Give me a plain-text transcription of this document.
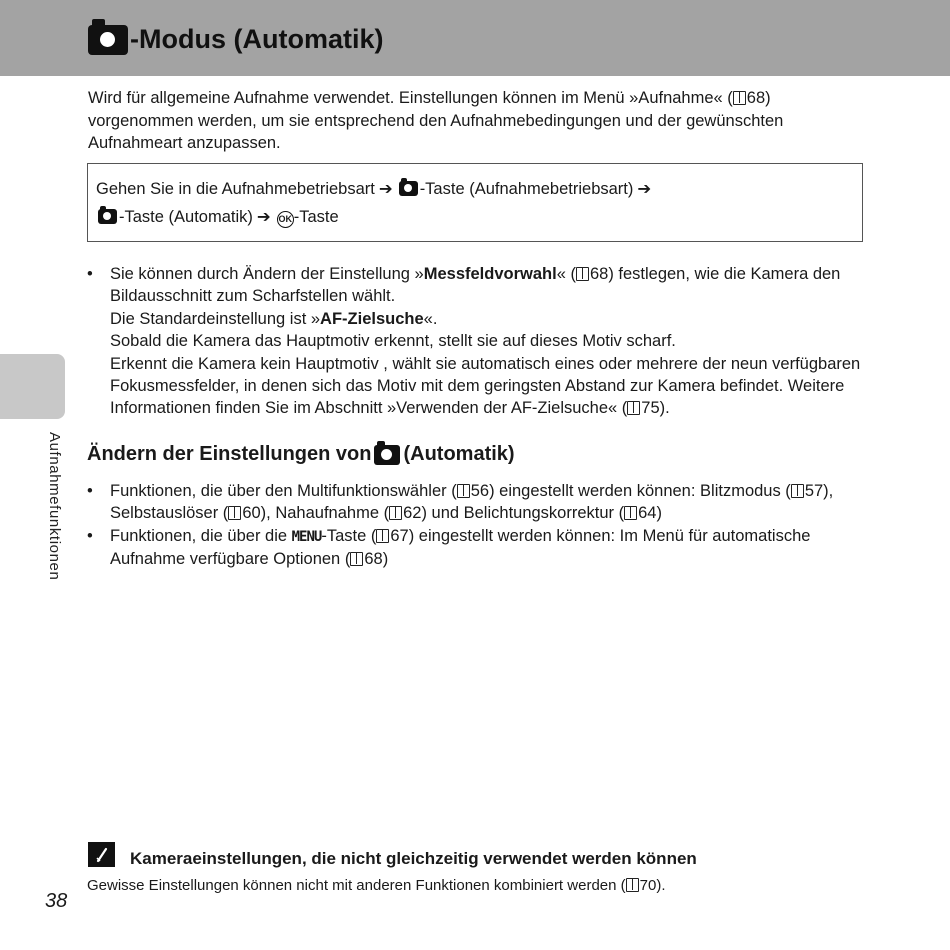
-Modus (Automatik)

Wird für allgemeine Aufnahme verwendet. Einstellungen können im Menü »Aufnahme« ( 68) vorgenommen werden, um sie entsprechend den Aufnahmebedingungen und der gewünschten Aufnahmeart anzupassen.

Gehen Sie in die Aufnahmebetriebsart ➔ -Taste (Aufnahmebetriebsart) ➔
-Taste (Automatik) ➔ OK -Taste
• Sie können durch Ändern der Einstellung »Messfeldvorwahl« ( 68) festlegen, wie die Kamera den Bildausschnitt zum Scharfstellen wählt.
Die Standardeinstellung ist »AF-Zielsuche«.
Sobald die Kamera das Hauptmotiv erkennt, stellt sie auf dieses Motiv scharf.
Erkennt die Kamera kein Hauptmotiv , wählt sie automatisch eines oder mehrere der neun verfügbaren Fokusmessfelder, in denen sich das Motiv mit dem geringsten Abstand zur Kamera befindet. Weitere Informationen finden Sie im Abschnitt »Verwenden der AF-Zielsuche« ( 75).
Ändern der Einstellungen von (Automatik)
• Funktionen, die über den Multifunktionswähler ( 56) eingestellt werden können: Blitzmodus ( 57), Selbstauslöser ( 60), Nahaufnahme ( 62) und Belichtungskorrektur ( 64)
• Funktionen, die über die MENU-Taste ( 67) eingestellt werden können: Im Menü für automatische Aufnahme verfügbare Optionen ( 68)
Aufnahmefunktionen
Kameraeinstellungen, die nicht gleichzeitig verwendet werden können
Gewisse Einstellungen können nicht mit anderen Funktionen kombiniert werden ( 70).
38
